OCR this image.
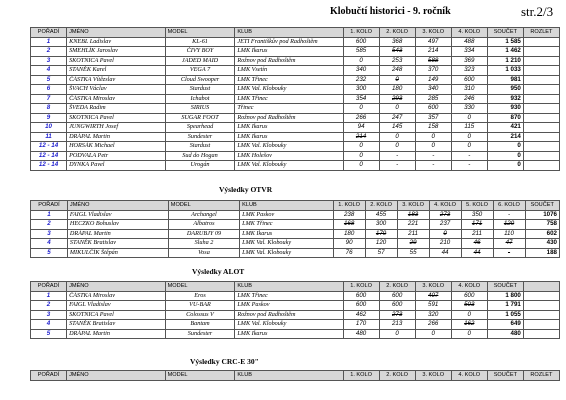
Klobučtí historici - 9. ročník	str.2/3
Výsledky OTVR
Výsledky ALOT
Výsledky CRC-E 30"
POŘADÍ	JMÉNO	MODEL	KLUB	1. KOLO	2. KOLO	3. KOLO	4. KOLO	SOUČET	ROZLET
1	KNEBL Ladislav	KL-61	JETI Františkův pod Radhoštěm	600	368	497	488	1 585	
2	SMEHLÍK Jaroslav	ČIVY BOY	LMK Ikarus	585	543	214	334	1 462	
3	SKOTNICA Pavel	JADED MAID	Rožnov pod Radhoštěm	0	253	588	369	1 210	
4	STANĚK Karel	VEGA 7	LMK Vsetín	340	248	370	323	1 033	
5	ČÁSTKA Vítězslav	Cloud Swooper	LMK Třinec	232	0	149	600	981	
6	ŠVACH Václav	Stardust	LMK Val. Klobouky	300	180	340	310	950	
7	ČÁSTKA Miroslav	Ichabot	LMK Třinec	354	293	285	246	932	
8	ŠVEDA Radim	SIRIUS	Třinec	0	0	600	330	930	
9	SKOTNICA Pavel	SUGAR FOOT	Rožnov pod Radhoštěm	266	247	357	0	870	
10	JUNGWIRTH Josef	Spearhead	LMK Ikarus	94	145	158	115	421	
11	DRÁPAL Martin	Sundester	LMK Ikarus	214	0	0	0	214	
12 - 14	HORSÁK Michael	Stardust	LMK Val. Klobouky	0	0	0	0	0	
12 - 14	PODVALA Petr	Sud do Hogan	LMK Holešov	0	-	-	-	0	
12 - 14	DYNKA Pavel	Urogán	LMK Val. Klobouky	0	-	-	-	0	
POŘADÍ	JMÉNO	MODEL	KLUB	1. KOLO	2. KOLO	3. KOLO	4. KOLO	5. KOLO	6. KOLO	SOUČET
1	FAIGL Vladislav	Archangel	LMK Paskov	238	455	183	273	350	-	1076
2	HECZKO Bohuslav	Albatros	LMK Třinec	168	300	221	237	171	120	758
3	DRÁPAL Martin	DARUBJY 09	LMK Ikarus	180	170	211	0	211	110	602
4	STANĚK Bratislav	Sluha 2	LMK Val. Klobouky	90	120	29	210	46	47	430
5	MIKULČÍK Štěpán	Vosa	LMK Val. Klobouky	76	57	55	44	44	-	188
POŘADÍ	JMÉNO	MODEL	KLUB	1. KOLO	2. KOLO	3. KOLO	4. KOLO	SOUČET	
1	ČÁSTKA Miroslav	Eros	LMK Třinec	600	600	407	600	1 800	
2	FAIGL Vladislav	VU-BAR	LMK Paskov	600	600	591	503	1 791	
3	SKOTNICA Pavel	Colossus V	Rožnov pod Radhoštěm	462	273	320	0	1 055	
4	STANĚK Bratislav	Bantam	LMK Val. Klobouky	170	213	266	162	649	
5	DRÁPAL Martin	Sundester	LMK Ikarus	480	0	0	0	480	
POŘADÍ	JMÉNO	MODEL	KLUB	1. KOLO	2. KOLO	3. KOLO	4. KOLO	SOUČET	ROZLET
